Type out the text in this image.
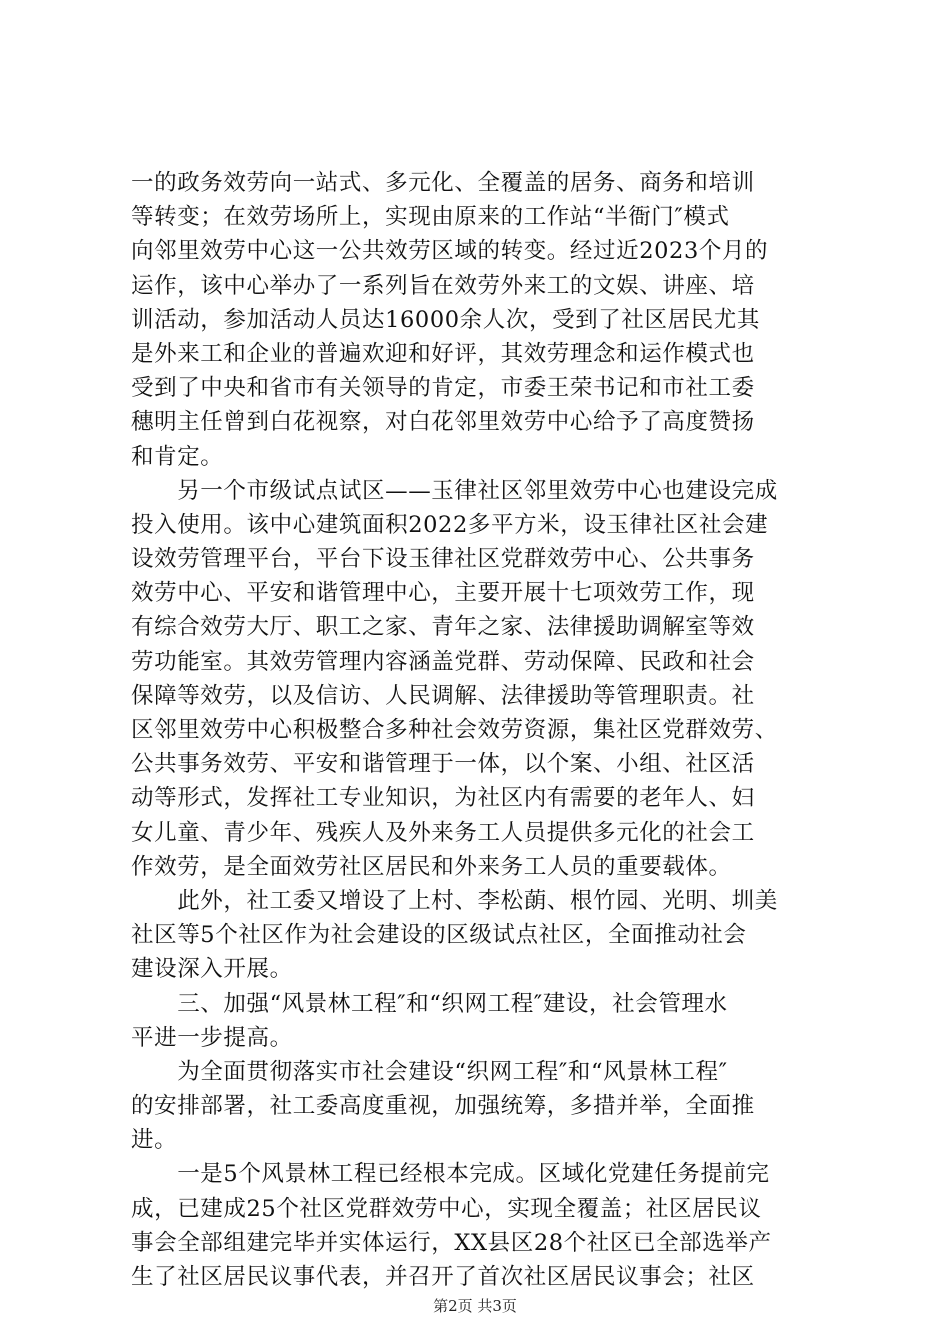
一的政务效劳向一站式、多元化、全覆盖的居务、商务和培训
等转变；在效劳场所上，实现由原来的工作站“半衙门″模式
向邻里效劳中心这一公共效劳区域的转变。经过近2023个月的
运作，该中心举办了一系列旨在效劳外来工的文娱、讲座、培
训活动，参加活动人员达16000余人次，受到了社区居民尤其
是外来工和企业的普遍欢迎和好评，其效劳理念和运作模式也
受到了中央和省市有关领导的肯定，市委王荣书记和市社工委
穗明主任曾到白花视察，对白花邻里效劳中心给予了高度赞扬
和肯定。
　　另一个市级试点试区——玉律社区邻里效劳中心也建设完成
投入使用。该中心建筑面积2022多平方米，设玉律社区社会建
设效劳管理平台，平台下设玉律社区党群效劳中心、公共事务
效劳中心、平安和谐管理中心，主要开展十七项效劳工作，现
有综合效劳大厅、职工之家、青年之家、法律援助调解室等效
劳功能室。其效劳管理内容涵盖党群、劳动保障、民政和社会
保障等效劳，以及信访、人民调解、法律援助等管理职责。社
区邻里效劳中心积极整合多种社会效劳资源，集社区党群效劳、
公共事务效劳、平安和谐管理于一体，以个案、小组、社区活
动等形式，发挥社工专业知识，为社区内有需要的老年人、妇
女儿童、青少年、残疾人及外来务工人员提供多元化的社会工
作效劳，是全面效劳社区居民和外来务工人员的重要载体。
　　此外，社工委又增设了上村、李松蓢、根竹园、光明、圳美
社区等5个社区作为社会建设的区级试点社区，全面推动社会
建设深入开展。
　　三、加强“风景林工程″和“织网工程″建设，社会管理水
平进一步提高。
　　为全面贯彻落实市社会建设“织网工程″和“风景林工程″
的安排部署，社工委高度重视，加强统筹，多措并举，全面推
进。
　　一是5个风景林工程已经根本完成。区域化党建任务提前完
成，已建成25个社区党群效劳中心，实现全覆盖；社区居民议
事会全部组建完毕并实体运行，XX县区28个社区已全部选举产
生了社区居民议事代表，并召开了首次社区居民议事会；社区
第2页 共3页
